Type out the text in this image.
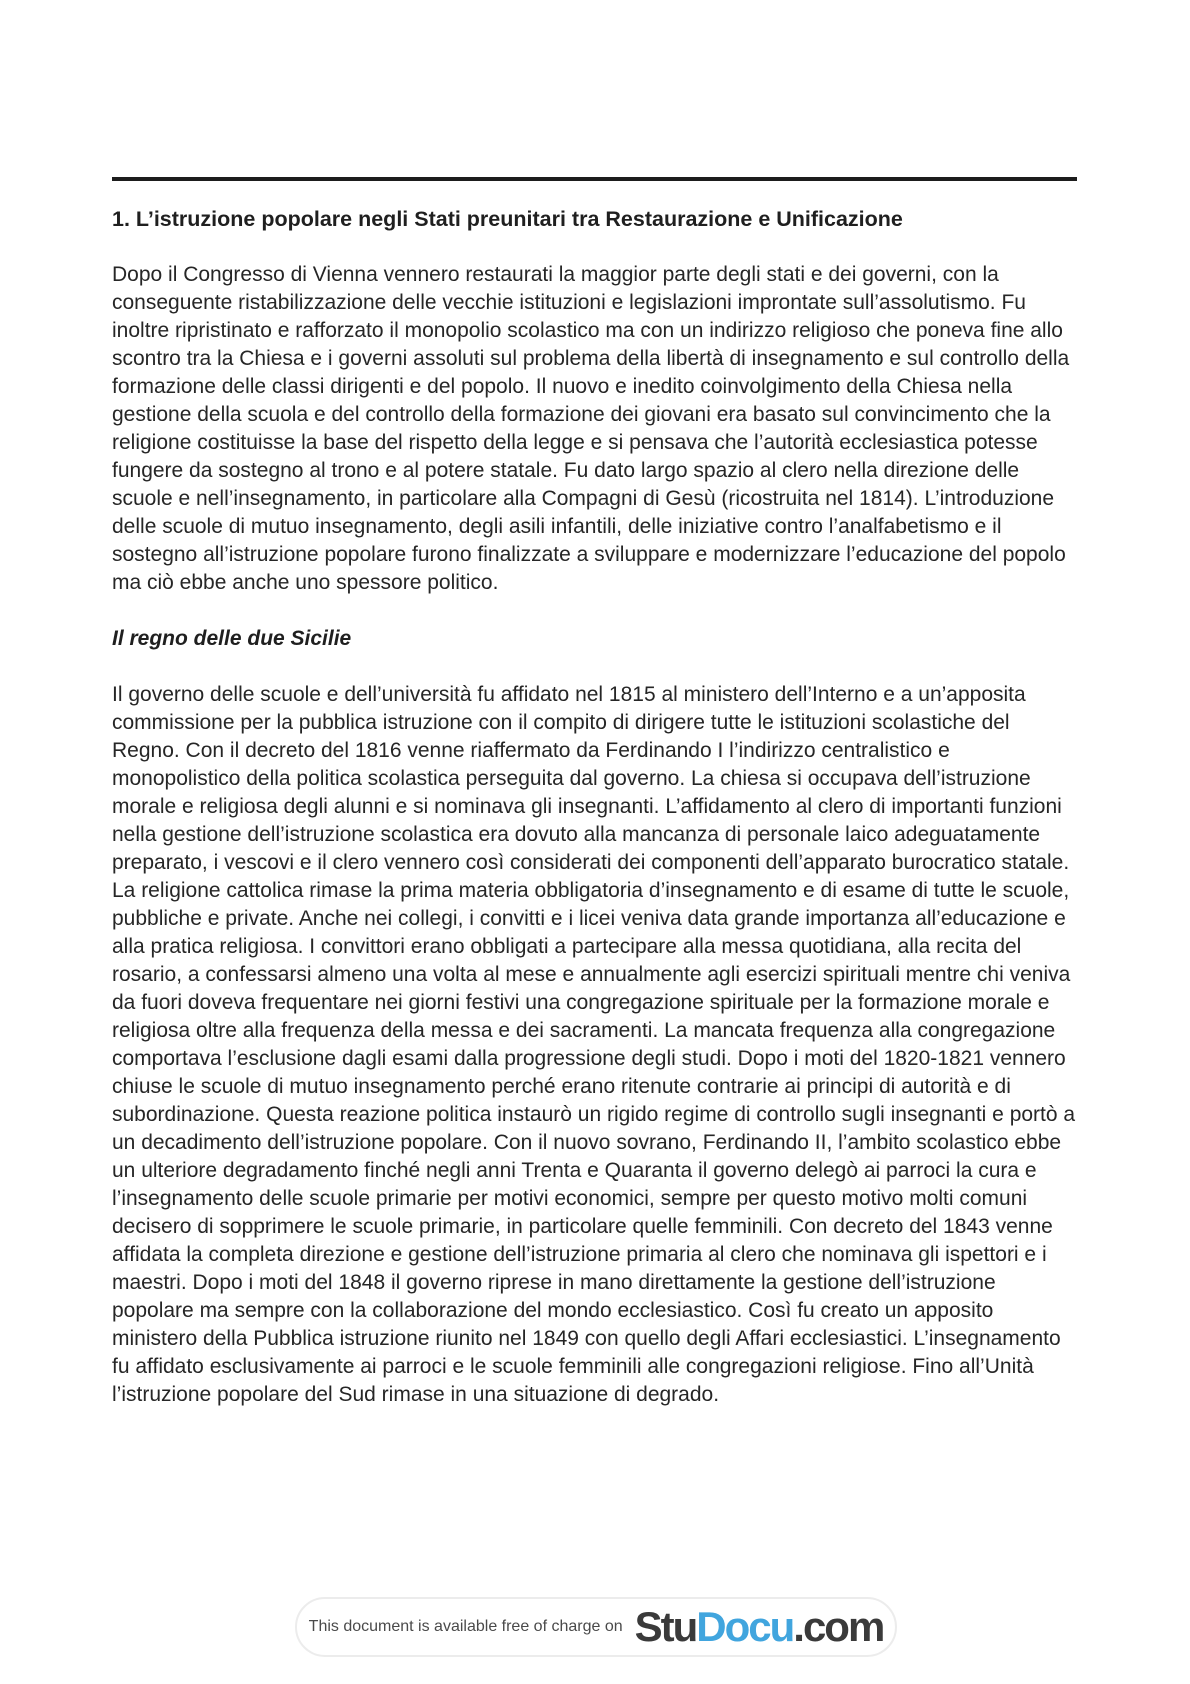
1. L’istruzione popolare negli Stati preunitari tra Restaurazione e Unificazione

Dopo il Congresso di Vienna vennero restaurati la maggior parte degli stati e dei governi, con la conseguente ristabilizzazione delle vecchie istituzioni e legislazioni improntate sull’assolutismo. Fu inoltre ripristinato e rafforzato il monopolio scolastico ma con un indirizzo religioso che poneva fine allo scontro tra la Chiesa e i governi assoluti sul problema della libertà di insegnamento e sul controllo della formazione delle classi dirigenti e del popolo. Il nuovo e inedito coinvolgimento della Chiesa nella gestione della scuola e del controllo della formazione dei giovani era basato sul convincimento che la religione costituisse la base del rispetto della legge e si pensava che l’autorità ecclesiastica potesse fungere da sostegno al trono e al potere statale. Fu dato largo spazio al clero nella direzione delle scuole e nell’insegnamento, in particolare alla Compagni di Gesù (ricostruita nel 1814). L’introduzione delle scuole di mutuo insegnamento, degli asili infantili, delle iniziative contro l’analfabetismo e il sostegno all’istruzione popolare furono finalizzate a sviluppare e modernizzare l’educazione del popolo ma ciò ebbe anche uno spessore politico.

Il regno delle due Sicilie

Il governo delle scuole e dell’università fu affidato nel 1815 al ministero dell’Interno e a un’apposita commissione per la pubblica istruzione con il compito di dirigere tutte le istituzioni scolastiche del Regno. Con il decreto del 1816 venne riaffermato da Ferdinando I l’indirizzo centralistico e monopolistico della politica scolastica perseguita dal governo. La chiesa si occupava dell’istruzione morale e religiosa degli alunni e si nominava gli insegnanti. L’affidamento al clero di importanti funzioni nella gestione dell’istruzione scolastica era dovuto alla mancanza di personale laico adeguatamente preparato, i vescovi e il clero vennero così considerati dei componenti dell’apparato burocratico statale. La religione cattolica rimase la prima materia obbligatoria d’insegnamento e di esame di tutte le scuole, pubbliche e private. Anche nei collegi, i convitti e i licei veniva data grande importanza all’educazione e alla pratica religiosa. I convittori erano obbligati a partecipare alla messa quotidiana, alla recita del rosario, a confessarsi almeno una volta al mese e annualmente agli esercizi spirituali mentre chi veniva da fuori doveva frequentare nei giorni festivi una congregazione spirituale per la formazione morale e religiosa oltre alla frequenza della messa e dei sacramenti. La mancata frequenza alla congregazione comportava l’esclusione dagli esami dalla progressione degli studi. Dopo i moti del 1820-1821 vennero chiuse le scuole di mutuo insegnamento perché erano ritenute contrarie ai principi di autorità e di subordinazione. Questa reazione politica instaurò un rigido regime di controllo sugli insegnanti e portò a un decadimento dell’istruzione popolare. Con il nuovo sovrano, Ferdinando II, l’ambito scolastico ebbe un ulteriore degradamento finché negli anni Trenta e Quaranta il governo delegò ai parroci la cura e l’insegnamento delle scuole primarie per motivi economici, sempre per questo motivo molti comuni decisero di sopprimere le scuole primarie, in particolare quelle femminili. Con decreto del 1843 venne affidata la completa direzione e gestione dell’istruzione primaria al clero che nominava gli ispettori e i maestri. Dopo i moti del 1848 il governo riprese in mano direttamente la gestione dell’istruzione popolare ma sempre con la collaborazione del mondo ecclesiastico. Così fu creato un apposito ministero della Pubblica istruzione riunito nel 1849 con quello degli Affari ecclesiastici. L’insegnamento fu affidato esclusivamente ai parroci e le scuole femminili alle congregazioni religiose. Fino all’Unità l’istruzione popolare del Sud rimase in una situazione di degrado.

This document is available free of charge on StuDocu.com
